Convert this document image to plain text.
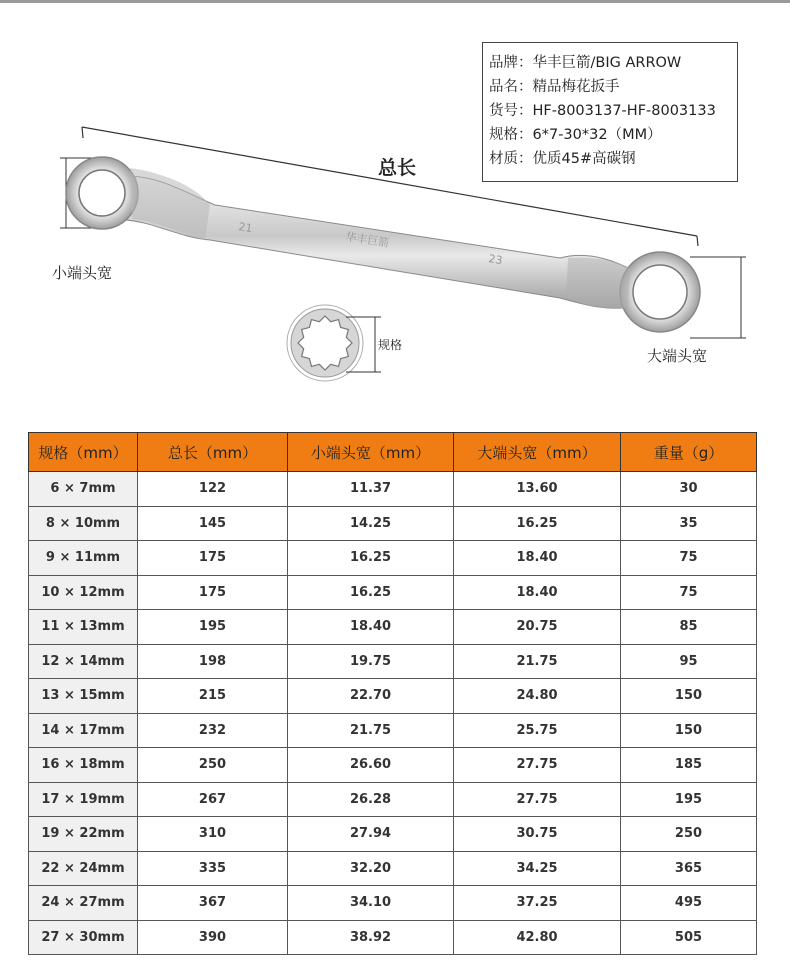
品牌：华丰巨箭/BIG ARROW
品名：精品梅花扳手
货号：HF-8003137-HF-8003133
规格：6*7-30*32（MM）
材质：优质45#高碳钢
21
23
华丰巨箭
总长
小端头宽
大端头宽
规格
规格（mm）	总长（mm）	小端头宽（mm）	大端头宽（mm）	重量（g）
6 × 7mm	122	11.37	13.60	30
8 × 10mm	145	14.25	16.25	35
9 × 11mm	175	16.25	18.40	75
10 × 12mm	175	16.25	18.40	75
11 × 13mm	195	18.40	20.75	85
12 × 14mm	198	19.75	21.75	95
13 × 15mm	215	22.70	24.80	150
14 × 17mm	232	21.75	25.75	150
16 × 18mm	250	26.60	27.75	185
17 × 19mm	267	26.28	27.75	195
19 × 22mm	310	27.94	30.75	250
22 × 24mm	335	32.20	34.25	365
24 × 27mm	367	34.10	37.25	495
27 × 30mm	390	38.92	42.80	505
